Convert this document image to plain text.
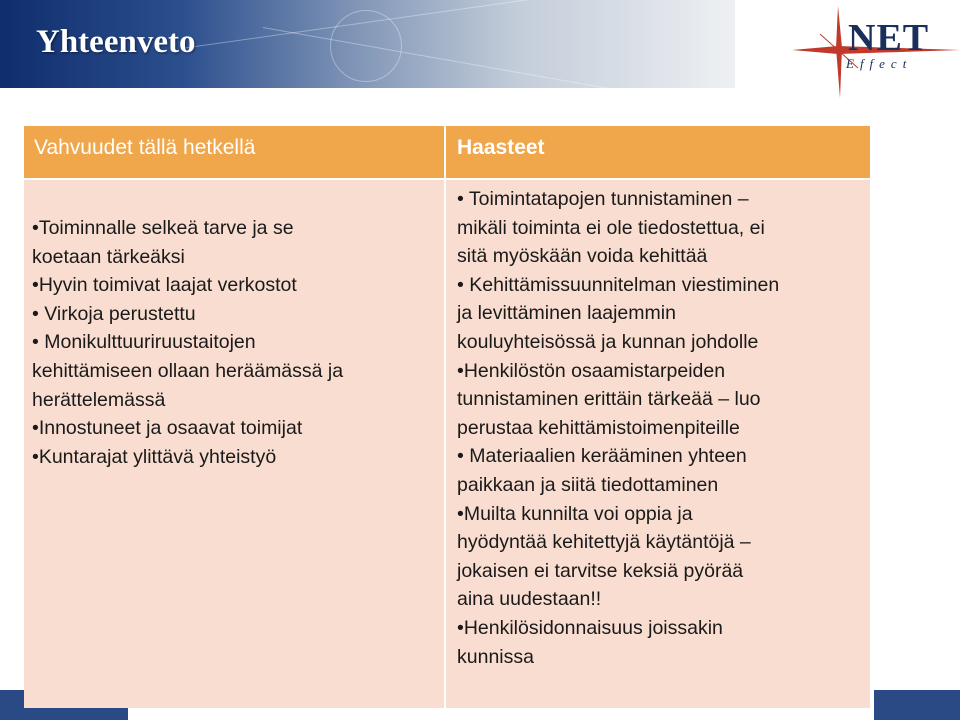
Yhteenveto	NET
Effect
Vahvuudet tällä hetkellä	Haasteet
•Toiminnalle selkeä tarve ja se
koetaan tärkeäksi
•Hyvin toimivat laajat verkostot
• Virkoja perustettu
• Monikulttuuriruustaitojen
kehittämiseen ollaan heräämässä ja
herättelemässä
•Innostuneet ja osaavat toimijat
•Kuntarajat ylittävä yhteistyö
• Toimintatapojen tunnistaminen –
mikäli toiminta ei ole tiedostettua, ei
sitä myöskään voida kehittää
• Kehittämissuunnitelman viestiminen
ja levittäminen laajemmin
kouluyhteisössä ja kunnan johdolle
•Henkilöstön osaamistarpeiden
tunnistaminen erittäin tärkeää – luo
perustaa kehittämistoimenpiteille
• Materiaalien kerääminen yhteen
paikkaan ja siitä tiedottaminen
•Muilta kunnilta voi oppia ja
hyödyntää kehitettyjä käytäntöjä –
jokaisen ei tarvitse keksiä pyörää
aina uudestaan!!
•Henkilösidonnaisuus joissakin
kunnissa
